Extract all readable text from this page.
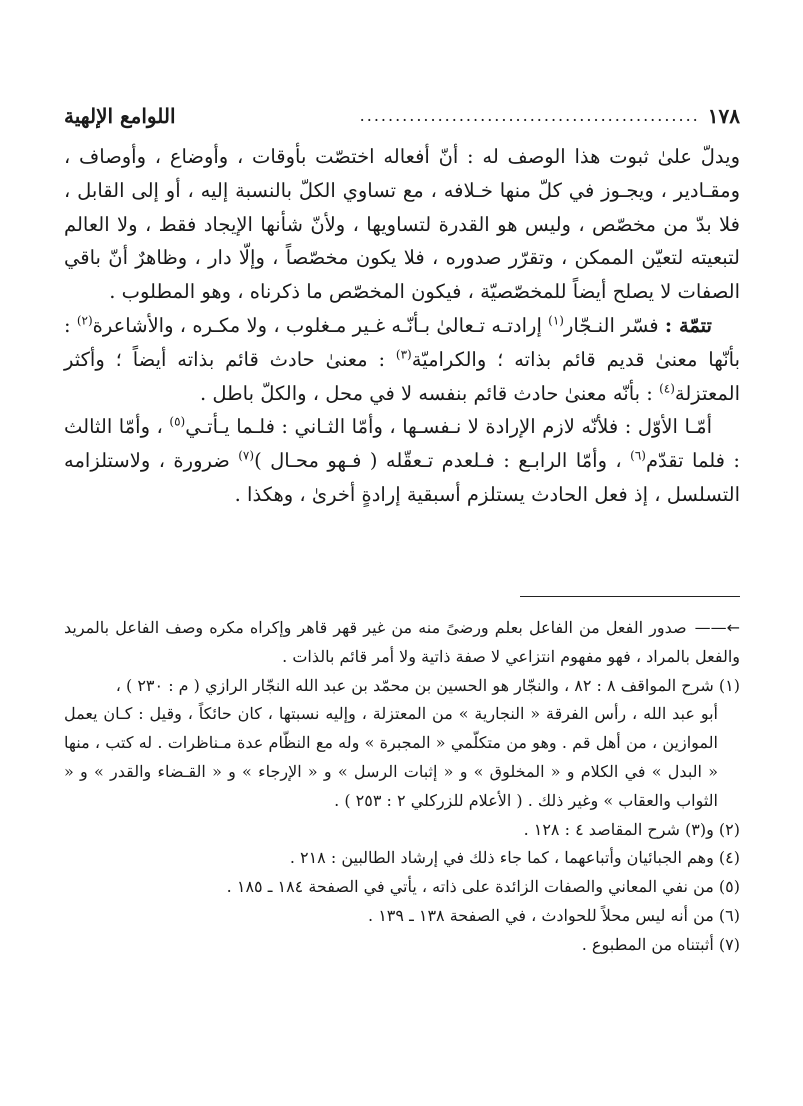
١٧٨
................................................
اللوامع الإلهية

ويدلّ علىٰ ثبوت هذا الوصف له : أنّ أفعاله اختصّت بأوقات ، وأوضاع ، وأوصاف ، ومقـادير ، ويجـوز في كلّ منها خـلافه ، مع تساوي الكلّ بالنسبة إليه ، أو إلى القابل ، فلا بدّ من مخصّص ، وليس هو القدرة لتساويها ، ولأنّ شأنها الإيجاد فقط ، ولا العالم لتبعيته لتعيّن الممكن ، وتقرّر صدوره ، فلا يكون مخصّصاً ، وإلّا دار ، وظاهرٌ أنّ باقي الصفات لا يصلح أيضاً للمخصّصيّة ، فيكون المخصّص ما ذكرناه ، وهو المطلوب .

تتمّة : فسّر النـجّار$^{(١)}$ إرادتـه تـعالىٰ بـأنّـه غـير مـغلوب ، ولا مكـره ، والأشاعرة$^{(٢)}$ : بأنّها معنىٰ قديم قائم بذاته ؛ والكراميّة$^{(٣)}$ : معنىٰ حادث قائم بذاته أيضاً ؛ وأكثر المعتزلة$^{(٤)}$ : بأنّه معنىٰ حادث قائم بنفسه لا في محل ، والكلّ باطل .

أمّـا الأوّل : فلأنّه لازم الإرادة لا نـفسـها ، وأمّا الثـاني : فلـما يـأتـي$^{(٥)}$ ، وأمّا الثالث : فلما تقدّم$^{(٦)}$ ، وأمّا الرابـع : فـلعدم تـعقّله ( فـهو محـال )$^{(٧)}$ ضرورة ، ولاستلزامه التسلسل ، إذ فعل الحادث يستلزم أسبقية إرادةٍ أخرىٰ ، وهكذا .

←——صدور الفعل من الفاعل بعلم ورضىً منه من غير قهر قاهر وإكراه مكره وصف الفاعل بالمريد والفعل بالمراد ، فهو مفهوم انتزاعي لا صفة ذاتية ولا أمر قائم بالذات .

(١) شرح المواقف ٨ : ٨٢ ، والنجّار هو الحسين بن محمّد بن عبد الله النجّار الرازي ( م : ٢٣٠ ) ،

أبو عبد الله ، رأس الفرقة « النجارية » من المعتزلة ، وإليه نسبتها ، كان حائكاً ، وقيل : كـان يعمل الموازين ، من أهل قم . وهو من متكلّمي « المجبرة » وله مع النظّام عدة مـناظرات . له كتب ، منها « البدل » في الكلام و « المخلوق » و « إثبات الرسل » و « الإرجاء » و « القـضاء والقدر » و « الثواب والعقاب » وغير ذلك . ( الأعلام للزركلي ٢ : ٢٥٣ ) .

(٢) و(٣) شرح المقاصد ٤ : ١٢٨ .

(٤) وهم الجبائيان وأتباعهما ، كما جاء ذلك في إرشاد الطالبين : ٢١٨ .

(٥) من نفي المعاني والصفات الزائدة على ذاته ، يأتي في الصفحة ١٨٤ ـ ١٨٥ .

(٦) من أنه ليس محلاً للحوادث ، في الصفحة ١٣٨ ـ ١٣٩ .

(٧) أثبتناه من المطبوع .
